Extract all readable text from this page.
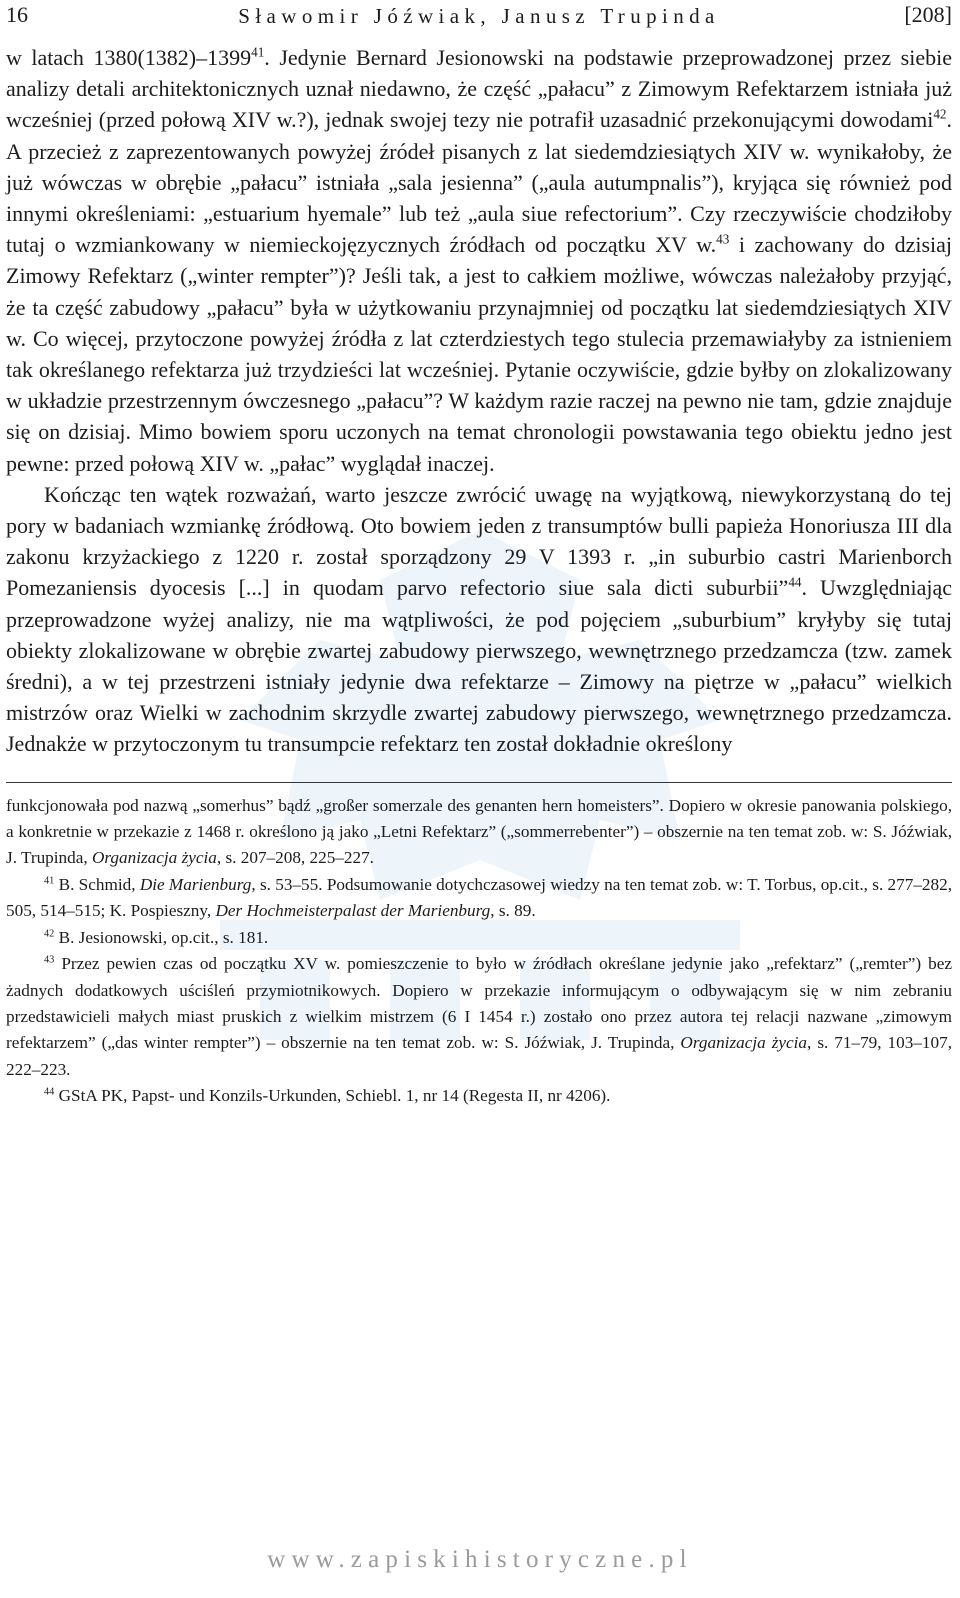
16	Sławomir Jóźwiak, Janusz Trupinda	[208]

w latach 1380(1382)–1399$^{41}$. Jedynie Bernard Jesionowski na podstawie przeprowadzonej przez siebie analizy detali architektonicznych uznał niedawno, że część „pałacu” z Zimowym Refektarzem istniała już wcześniej (przed połową XIV w.?), jednak swojej tezy nie potrafił uzasadnić przekonującymi dowodami$^{42}$. A przecież z zaprezentowanych powyżej źródeł pisanych z lat siedemdziesiątych XIV w. wynikałoby, że już wówczas w obrębie „pałacu” istniała „sala jesienna” („aula autumpnalis”), kryjąca się również pod innymi określeniami: „estuarium hyemale” lub też „aula siue refectorium”. Czy rzeczywiście chodziłoby tutaj o wzmiankowany w niemieckojęzycznych źródłach od początku XV w.$^{43}$ i zachowany do dzisiaj Zimowy Refektarz („winter rempter”)? Jeśli tak, a jest to całkiem możliwe, wówczas należałoby przyjąć, że ta część zabudowy „pałacu” była w użytkowaniu przynajmniej od początku lat siedemdziesiątych XIV w. Co więcej, przytoczone powyżej źródła z lat czterdziestych tego stulecia przemawiałyby za istnieniem tak określanego refektarza już trzydzieści lat wcześniej. Pytanie oczywiście, gdzie byłby on zlokalizowany w układzie przestrzennym ówczesnego „pałacu”? W każdym razie raczej na pewno nie tam, gdzie znajduje się on dzisiaj. Mimo bowiem sporu uczonych na temat chronologii powstawania tego obiektu jedno jest pewne: przed połową XIV w. „pałac” wyglądał inaczej.

Kończąc ten wątek rozważań, warto jeszcze zwrócić uwagę na wyjątkową, niewykorzystaną do tej pory w badaniach wzmiankę źródłową. Oto bowiem jeden z transumptów bulli papieża Honoriusza III dla zakonu krzyżackiego z 1220 r. został sporządzony 29 V 1393 r. „in suburbio castri Marienborch Pomezaniensis dyocesis [...] in quodam parvo refectorio siue sala dicti suburbii”$^{44}$. Uwzględniając przeprowadzone wyżej analizy, nie ma wątpliwości, że pod pojęciem „suburbium” kryłyby się tutaj obiekty zlokalizowane w obrębie zwartej zabudowy pierwszego, wewnętrznego przedzamcza (tzw. zamek średni), a w tej przestrzeni istniały jedynie dwa refektarze – Zimowy na piętrze w „pałacu” wielkich mistrzów oraz Wielki w zachodnim skrzydle zwartej zabudowy pierwszego, wewnętrznego przedzamcza. Jednakże w przytoczonym tu transumpcie refektarz ten został dokładnie określony

funkcjonowała pod nazwą „somerhus” bądź „großer somerzale des genanten hern homeisters”. Dopiero w okresie panowania polskiego, a konkretnie w przekazie z 1468 r. określono ją jako „Letni Refektarz” („sommerrebenter”) – obszernie na ten temat zob. w: S. Jóźwiak, J. Trupinda, Organizacja życia, s. 207–208, 225–227.

$^{41}$ B. Schmid, Die Marienburg, s. 53–55. Podsumowanie dotychczasowej wiedzy na ten temat zob. w: T. Torbus, op.cit., s. 277–282, 505, 514–515; K. Pospieszny, Der Hochmeisterpalast der Marienburg, s. 89.

$^{42}$ B. Jesionowski, op.cit., s. 181.

$^{43}$ Przez pewien czas od początku XV w. pomieszczenie to było w źródłach określane jedynie jako „refektarz” („remter”) bez żadnych dodatkowych uściśleń przymiotnikowych. Dopiero w przekazie informującym o odbywającym się w nim zebraniu przedstawicieli małych miast pruskich z wielkim mistrzem (6 I 1454 r.) zostało ono przez autora tej relacji nazwane „zimowym refektarzem” („das winter rempter”) – obszernie na ten temat zob. w: S. Jóźwiak, J. Trupinda, Organizacja życia, s. 71–79, 103–107, 222–223.

$^{44}$ GStA PK, Papst- und Konzils-Urkunden, Schiebl. 1, nr 14 (Regesta II, nr 4206).

www.zapiskihistoryczne.pl
